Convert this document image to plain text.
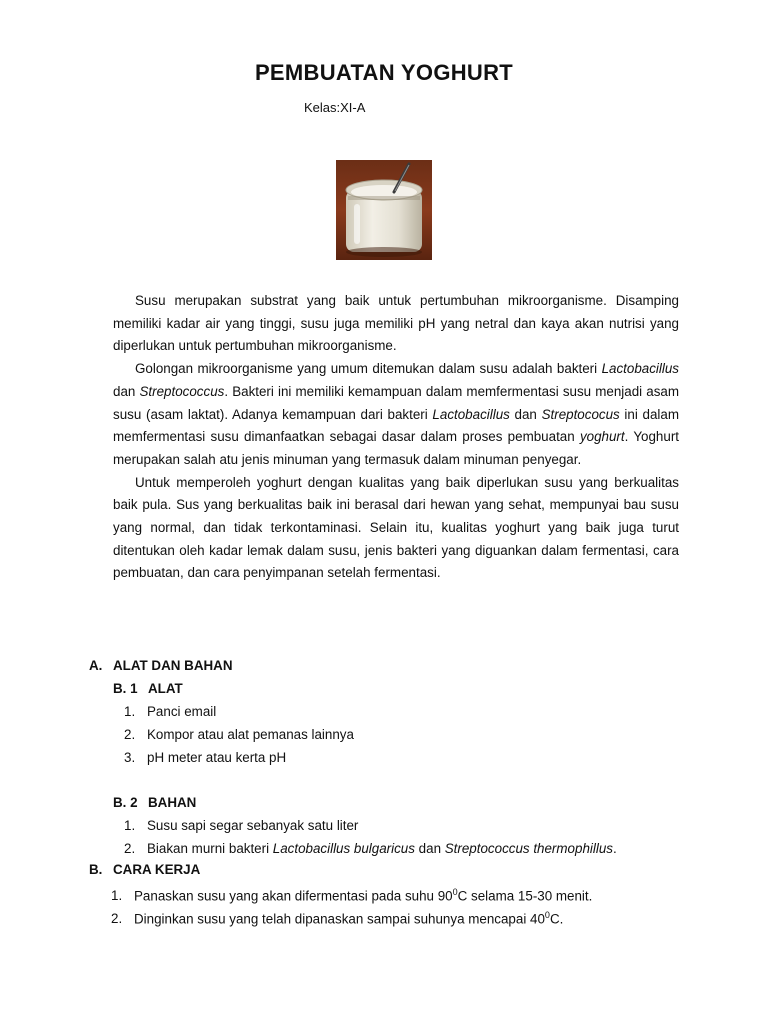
PEMBUATAN YOGHURT
Kelas:XI-A

Susu merupakan substrat yang baik untuk pertumbuhan mikroorganisme. Disamping memiliki kadar air yang tinggi, susu juga memiliki pH yang netral dan kaya akan nutrisi yang diperlukan untuk pertumbuhan mikroorganisme.

Golongan mikroorganisme yang umum ditemukan dalam susu adalah bakteri Lactobacillus dan Streptococcus. Bakteri ini memiliki kemampuan dalam memfermentasi susu menjadi asam susu (asam laktat). Adanya kemampuan dari bakteri Lactobacillus dan Streptococus ini dalam memfermentasi susu dimanfaatkan sebagai dasar dalam proses pembuatan yoghurt. Yoghurt merupakan salah atu jenis minuman yang termasuk dalam minuman penyegar.

Untuk memperoleh yoghurt dengan kualitas yang baik diperlukan susu yang berkualitas baik pula. Sus yang berkualitas baik ini berasal dari hewan yang sehat, mempunyai bau susu yang normal, dan tidak terkontaminasi. Selain itu, kualitas yoghurt yang baik juga turut ditentukan oleh kadar lemak dalam susu, jenis bakteri yang diguankan dalam fermentasi, cara pembuatan, dan cara penyimpanan setelah fermentasi.

A. ALAT DAN BAHAN
B. 1 ALAT
1. Panci email
2. Kompor atau alat pemanas lainnya
3. pH meter atau kerta pH
B. 2 BAHAN
1. Susu sapi segar sebanyak satu liter
2. Biakan murni bakteri Lactobacillus bulgaricus dan Streptococcus thermophillus.
B. CARA KERJA
1. Panaskan susu yang akan difermentasi pada suhu $90^0C$ selama 15-30 menit.
2. Dinginkan susu yang telah dipanaskan sampai suhunya mencapai $40^0C$.
